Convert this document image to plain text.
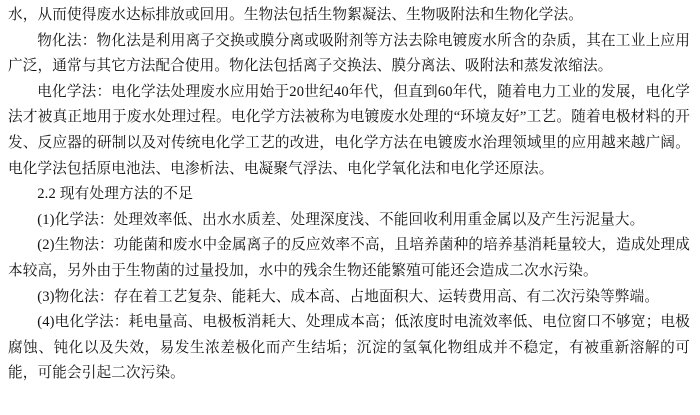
水，从而使得废水达标排放或回用。生物法包括生物絮凝法、生物吸附法和生物化学法。

物化法：物化法是利用离子交换或膜分离或吸附剂等方法去除电镀废水所含的杂质，其在工业上应用广泛，通常与其它方法配合使用。物化法包括离子交换法、膜分离法、吸附法和蒸发浓缩法。

电化学法：电化学法处理废水应用始于20世纪40年代，但直到60年代，随着电力工业的发展，电化学法才被真正地用于废水处理过程。电化学方法被称为电镀废水处理的“环境友好”工艺。随着电极材料的开发、反应器的研制以及对传统电化学工艺的改进，电化学方法在电镀废水治理领域里的应用越来越广阔。电化学法包括原电池法、电渗析法、电凝聚气浮法、电化学氧化法和电化学还原法。

2.2 现有处理方法的不足

(1)化学法：处理效率低、出水水质差、处理深度浅、不能回收利用重金属以及产生污泥量大。

(2)生物法：功能菌和废水中金属离子的反应效率不高，且培养菌种的培养基消耗量较大，造成处理成本较高，另外由于生物菌的过量投加，水中的残余生物还能繁殖可能还会造成二次水污染。

(3)物化法：存在着工艺复杂、能耗大、成本高、占地面积大、运转费用高、有二次污染等弊端。

(4)电化学法：耗电量高、电极板消耗大、处理成本高；低浓度时电流效率低、电位窗口不够宽；电极腐蚀、钝化以及失效，易发生浓差极化而产生结垢；沉淀的氢氧化物组成并不稳定，有被重新溶解的可能，可能会引起二次污染。
